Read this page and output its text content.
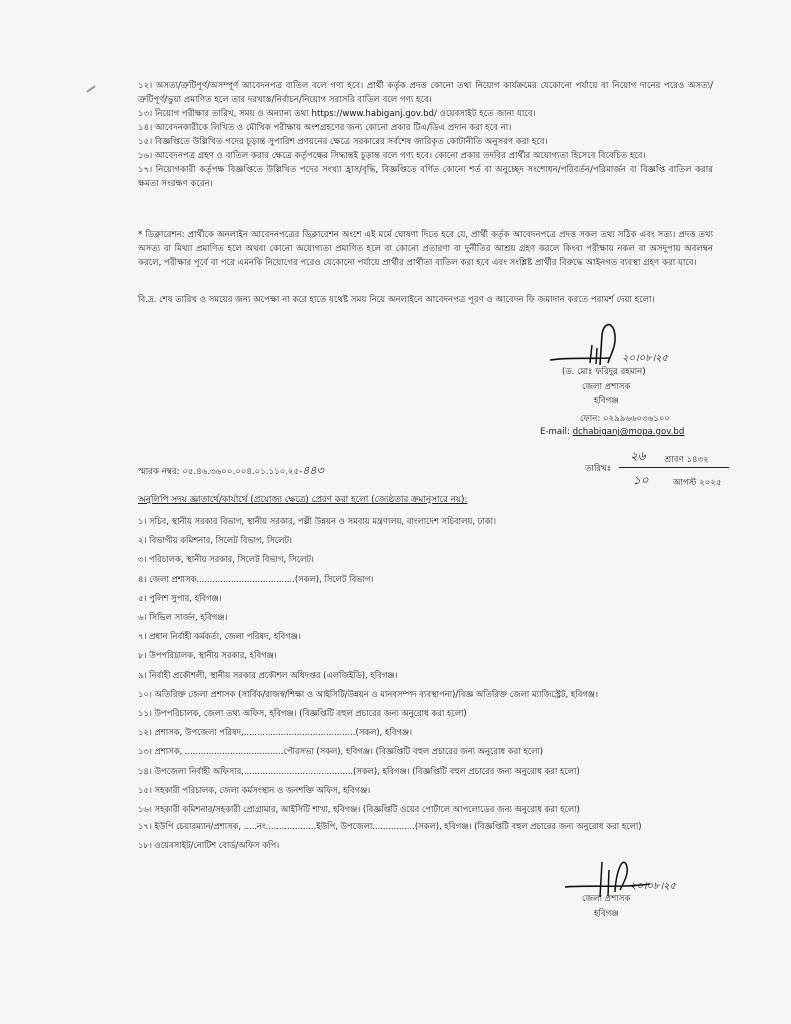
১২। অসত্য/ত্রুটিপূর্ণ/অসম্পূর্ণ আবেদনপত্র বাতিল বলে গণ্য হবে। প্রার্থী কর্তৃক প্রদত্ত কোনো তথ্য নিয়োগ কার্যক্রমের যেকোনো পর্যায়ে বা নিয়োগ দানের পরেও অসত্য/ত্রুটিপূর্ণ/ভুয়া প্রমাণিত হলে তার দরখাস্ত/নির্বাচন/নিয়োগ সরাসরি বাতিল বলে গণ্য হবে।

১৩। নিয়োগ পরীক্ষার তারিখ, সময় ও অন্যান্য তথ্য https://www.habiganj.gov.bd/ ওয়েবসাইট হতে জানা যাবে।

১৪। আবেদনকারীকে লিখিত ও মৌখিক পরীক্ষায় অংশগ্রহণের জন্য কোনো প্রকার টিএ/ডিএ প্রদান করা হবে না।

১৫। বিজ্ঞপ্তিতে উল্লিখিত পদের চূড়ান্ত সুপারিশ প্রণয়নের ক্ষেত্রে সরকারের সর্বশেষ জারিকৃত কোটানীতি অনুসরণ করা হবে।

১৬। আবেদনপত্র গ্রহণ ও বাতিল করার ক্ষেত্রে কর্তৃপক্ষের সিদ্ধান্তই চূড়ান্ত বলে গণ্য হবে। কোনো প্রকার তদবির প্রার্থীর অযোগ্যতা হিসেবে বিবেচিত হবে।

১৭। নিয়োগকারী কর্তৃপক্ষ বিজ্ঞপ্তিতে উল্লিখিত পদের সংখ্যা হ্রাস/বৃদ্ধি, বিজ্ঞপ্তিতে বর্ণিত কোনো শর্ত বা অনুচ্ছেদ সংশোধন/পরিবর্তন/পরিমার্জন বা বিজ্ঞপ্তি বাতিল করার ক্ষমতা সংরক্ষণ করেন।

* ডিক্লারেশন: প্রার্থীকে অনলাইন আবেদনপত্রের ডিক্লারেশন অংশে এই মর্মে ঘোষণা দিতে হবে যে, প্রার্থী কর্তৃক আবেদনপত্রে প্রদত্ত সকল তথ্য সঠিক এবং সত্য। প্রদত্ত তথ্য অসত্য বা মিথ্যা প্রমাণিত হলে অথবা কোনো অযোগ্যতা প্রমাণিত হলে বা কোনো প্রতারণা বা দুর্নীতির আশ্রয় গ্রহণ করলে কিংবা পরীক্ষায় নকল বা অসদুপায় অবলম্বন করলে, পরীক্ষার পূর্বে বা পরে এমনকি নিয়োগের পরেও যেকোনো পর্যায়ে প্রার্থীর প্রার্থীতা বাতিল করা হবে এবং সংশ্লিষ্ট প্রার্থীর বিরুদ্ধে আইনগত ব্যবস্থা গ্রহণ করা যাবে।

বি.দ্র. শেষ তারিখ ও সময়ের জন্য অপেক্ষা না করে হাতে যথেষ্ট সময় নিয়ে অনলাইনে আবেদনপত্র পূরণ ও আবেদন ফি জমাদান করতে পরামর্শ দেয়া হলো।

২০।০৮।২৫
(ড. মোঃ ফরিদুর রহমান)
জেলা প্রশাসক
হবিগঞ্জ
ফোন: ০২৯৯৬৬০৩৬১০০
E-mail: dchabiganj@mopa.gov.bd
স্মারক নম্বর: ০৫.৪৬.৩৬০০.০০৪.০১.১১০.২৫-৪৪৩	তারিখঃ
২৬ শ্রাবণ ১৪৩২
১০	আগস্ট ২০২৫
অনুলিপি সদয় জ্ঞাতার্থে/কার্যার্থে (প্রযোজ্য ক্ষেত্রে) প্রেরণ করা হলো (জ্যেষ্ঠতার ক্রমানুসারে নয়):
১। সচিব, স্থানীয় সরকার বিভাগ, স্থানীয় সরকার, পল্লী উন্নয়ন ও সমবায় মন্ত্রণালয়, বাংলাদেশ সচিবালয়, ঢাকা।
২। বিভাগীয় কমিশনার, সিলেট বিভাগ, সিলেট।
৩। পরিচালক, স্থানীয় সরকার, সিলেট বিভাগ, সিলেট।
৪। জেলা প্রশাসক.....................................(সকল), সিলেট বিভাগ।
৫। পুলিশ সুপার, হবিগঞ্জ।
৬। সিভিল সার্জন, হবিগঞ্জ।
৭। প্রধান নির্বাহী কর্মকর্তা, জেলা পরিষদ, হবিগঞ্জ।
৮। উপপরিচালক, স্থানীয় সরকার, হবিগঞ্জ।
৯। নির্বাহী প্রকৌশলী, স্থানীয় সরকার প্রকৌশল অধিদপ্তর (এলজিইডি), হবিগঞ্জ।
১০। অতিরিক্ত জেলা প্রশাসক (সার্বিক/রাজস্ব/শিক্ষা ও আইসিটি/উন্নয়ন ও মানবসম্পদ ব্যবস্থাপনা)/বিজ্ঞ অতিরিক্ত জেলা ম্যাজিস্ট্রেট, হবিগঞ্জ।
১১। উপপরিচালক, জেলা তথ্য অফিস, হবিগঞ্জ। (বিজ্ঞপ্তিটি বহুল প্রচারের জন্য অনুরোধ করা হলো)
১২। প্রশাসক, উপজেলা পরিষদ,..........................................(সকল), হবিগঞ্জ।
১৩। প্রশাসক, .....................................পৌরসভা (সকল), হবিগঞ্জ। (বিজ্ঞপ্তিটি বহুল প্রচারের জন্য অনুরোধ করা হলো)
১৪। উপজেলা নির্বাহী অফিসার,.........................................(সকল), হবিগঞ্জ। (বিজ্ঞপ্তিটি বহুল প্রচারের জন্য অনুরোধ করা হলো)
১৫। সহকারী পরিচালক, জেলা কর্মসংস্থান ও জনশক্তি অফিস, হবিগঞ্জ।
১৬। সহকারী কমিশনার/সহকারী প্রোগ্রামার, আইসিটি শাখা, হবিগঞ্জ। (বিজ্ঞপ্তিটি ওয়েব পোর্টালে আপলোডের জন্য অনুরোধ করা হলো)
১৭। ইউপি চেয়ারম্যান/প্রশাসক, .....নং...................ইউপি, উপজেলা................(সকল), হবিগঞ্জ। (বিজ্ঞপ্তিটি বহুল প্রচারের জন্য অনুরোধ করা হলো)
১৮। ওয়েবসাইট/নোটিশ বোর্ড/অফিস কপি।
২০।০৮।২৫
জেলা প্রশাসক
হবিগঞ্জ
